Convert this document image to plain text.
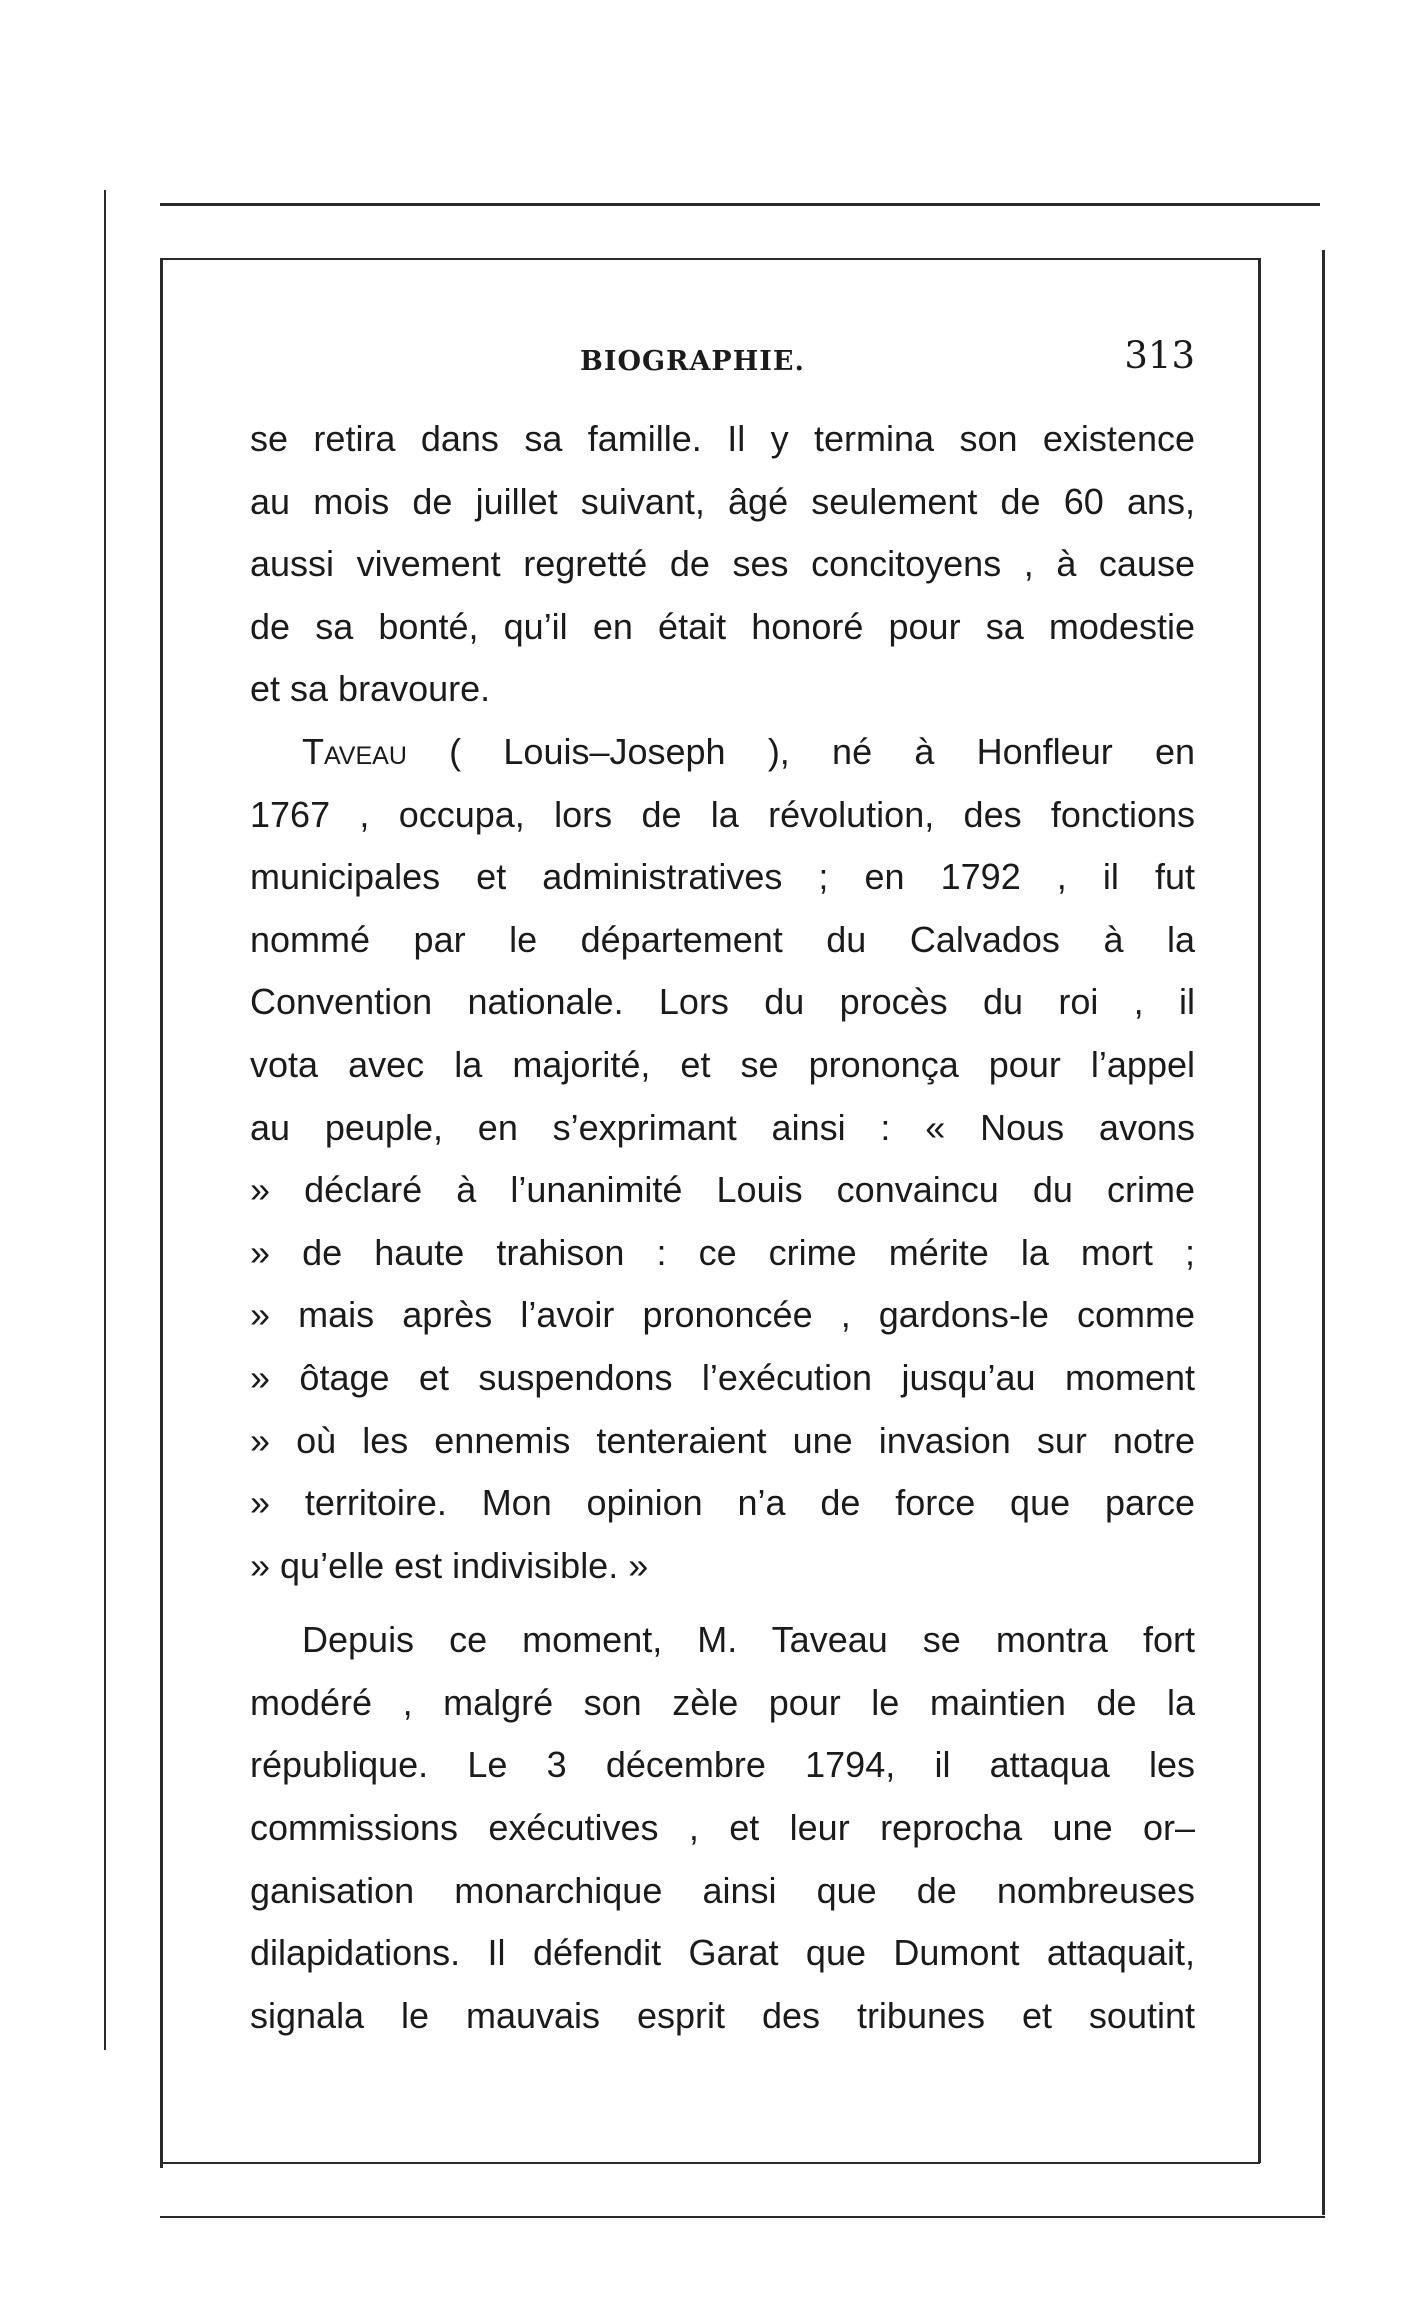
BIOGRAPHIE.	313
se retira dans sa famille. Il y termina son existence
au mois de juillet suivant, âgé seulement de 60 ans,
aussi vivement regretté de ses concitoyens , à cause
de sa bonté, qu’il en était honoré pour sa modestie
et sa bravoure.
Taveau ( Louis–Joseph ), né à Honfleur en
1767 , occupa, lors de la révolution, des fonctions
municipales et administratives ; en 1792 , il fut
nommé par le département du Calvados à la
Convention nationale. Lors du procès du roi , il
vota avec la majorité, et se prononça pour l’appel
au peuple, en s’exprimant ainsi : « Nous avons
» déclaré à l’unanimité Louis convaincu du crime
» de haute trahison : ce crime mérite la mort ;
» mais après l’avoir prononcée , gardons-le comme
» ôtage et suspendons l’exécution jusqu’au moment
» où les ennemis tenteraient une invasion sur notre
» territoire. Mon opinion n’a de force que parce
» qu’elle est indivisible. »
Depuis ce moment, M. Taveau se montra fort
modéré , malgré son zèle pour le maintien de la
république. Le 3 décembre 1794, il attaqua les
commissions exécutives , et leur reprocha une or–
ganisation monarchique ainsi que de nombreuses
dilapidations. Il défendit Garat que Dumont attaquait,
signala le mauvais esprit des tribunes et soutint
